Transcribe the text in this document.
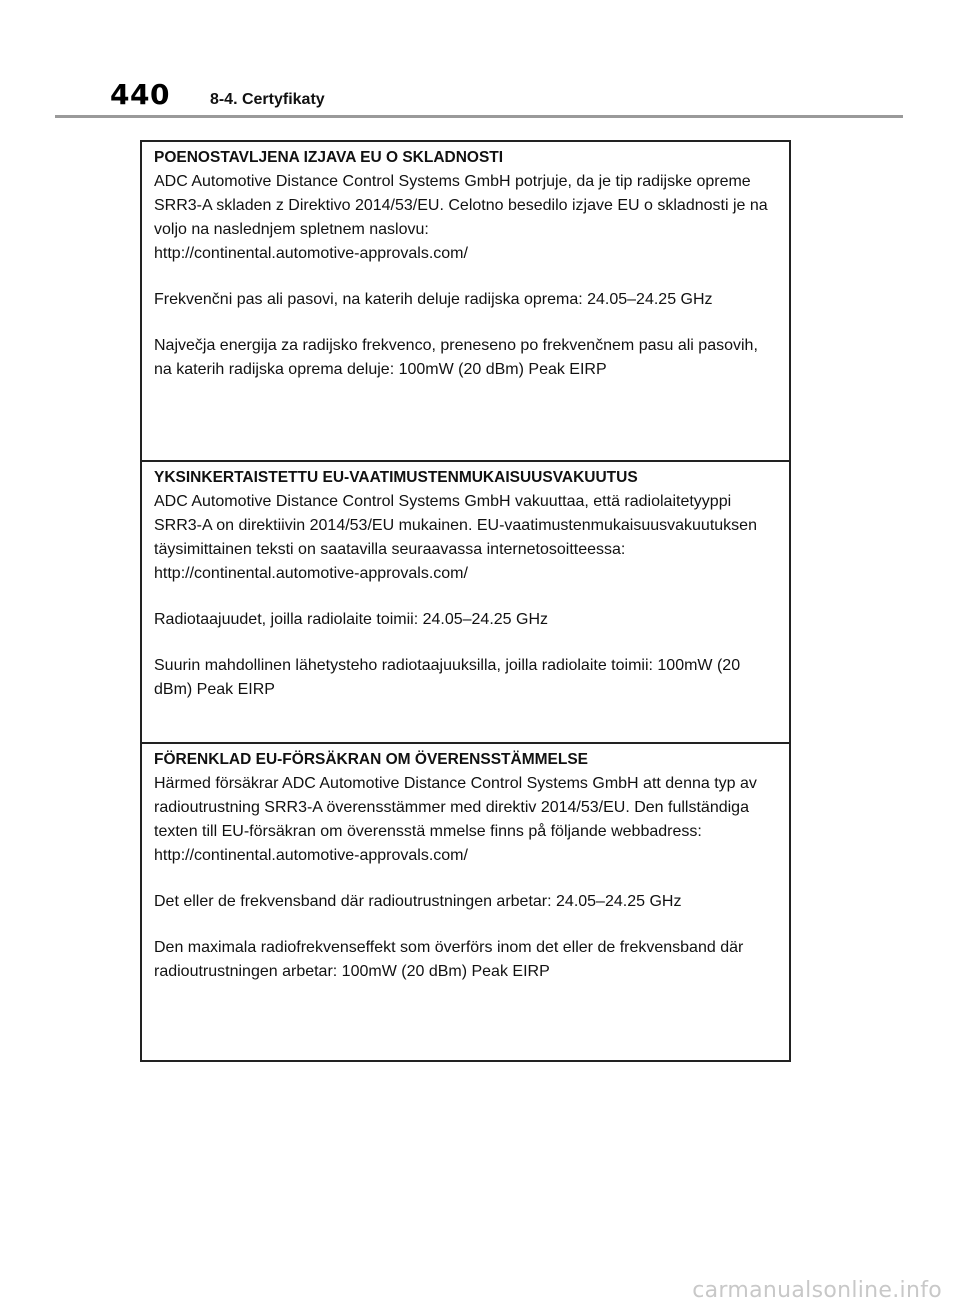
440	8-4. Certyfikaty

POENOSTAVLJENA IZJAVA EU O SKLADNOSTI

ADC Automotive Distance Control Systems GmbH potrjuje, da je tip radijske opreme SRR3-A skladen z Direktivo 2014/53/EU. Celotno besedilo izjave EU o skladnosti je na voljo na naslednjem spletnem naslovu:

http://continental.automotive-approvals.com/

Frekvenčni pas ali pasovi, na katerih deluje radijska oprema: 24.05–24.25 GHz

Največja energija za radijsko frekvenco, preneseno po frekvenčnem pasu ali pasovih, na katerih radijska oprema deluje: 100mW (20 dBm) Peak EIRP

YKSINKERTAISTETTU EU-VAATIMUSTENMUKAISUUSVAKUUTUS

ADC Automotive Distance Control Systems GmbH vakuuttaa, että radiolaitetyyppi SRR3-A on direktiivin 2014/53/EU mukainen. EU-vaatimustenmukaisuusvakuutuksen täysimittainen teksti on saatavilla seuraavassa internetosoitteessa:

http://continental.automotive-approvals.com/

Radiotaajuudet, joilla radiolaite toimii: 24.05–24.25 GHz

Suurin mahdollinen lähetysteho radiotaajuuksilla, joilla radiolaite toimii: 100mW (20 dBm) Peak EIRP

FÖRENKLAD EU-FÖRSÄKRAN OM ÖVERENSSTÄMMELSE

Härmed försäkrar ADC Automotive Distance Control Systems GmbH att denna typ av radioutrustning SRR3-A överensstämmer med direktiv 2014/53/EU. Den fullständiga texten till EU-försäkran om överensstä mmelse finns på följande webbadress:

http://continental.automotive-approvals.com/

Det eller de frekvensband där radioutrustningen arbetar: 24.05–24.25 GHz

Den maximala radiofrekvenseffekt som överförs inom det eller de frekvensband där radioutrustningen arbetar: 100mW (20 dBm) Peak EIRP

carmanualsonline.info
